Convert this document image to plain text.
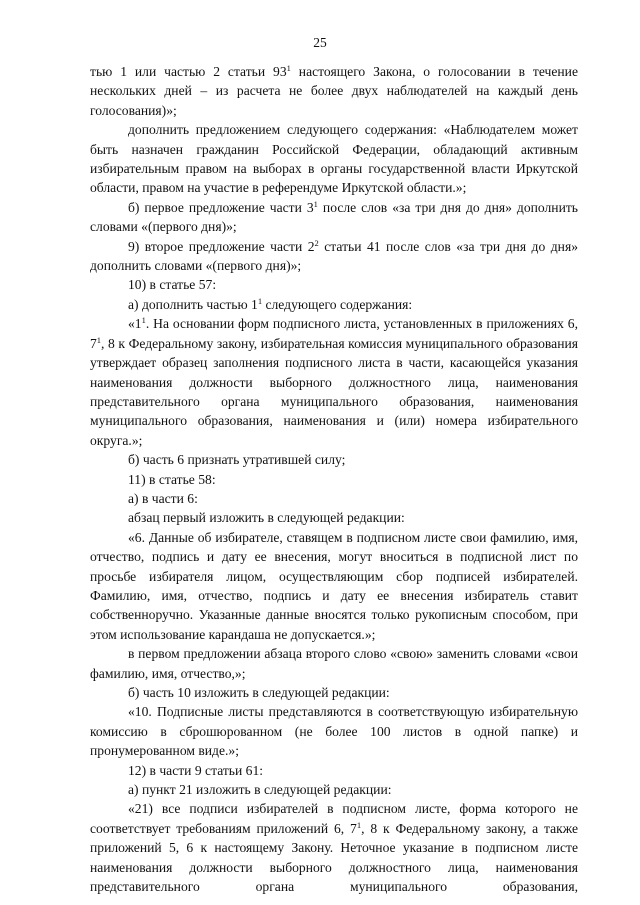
25

тью 1 или частью 2 статьи $93^1$ настоящего Закона, о голосовании в течение нескольких дней – из расчета не более двух наблюдателей на каждый день голосования)»;

дополнить предложением следующего содержания: «Наблюдателем может быть назначен гражданин Российской Федерации, обладающий активным избирательным правом на выборах в органы государственной власти Иркутской области, правом на участие в референдуме Иркутской области.»;

б) первое предложение части $3^1$ после слов «за три дня до дня» дополнить словами «(первого дня)»;

9) второе предложение части $2^2$ статьи 41 после слов «за три дня до дня» дополнить словами «(первого дня)»;

10) в статье 57:

а) дополнить частью $1^1$ следующего содержания:

«$1^1$. На основании форм подписного листа, установленных в приложениях 6, $7^1$, 8 к Федеральному закону, избирательная комиссия муниципального образования утверждает образец заполнения подписного листа в части, касающейся указания наименования должности выборного должностного лица, наименования представительного органа муниципального образования, наименования муниципального образования, наименования и (или) номера избирательного округа.»;

б) часть 6 признать утратившей силу;

11) в статье 58:

а) в части 6:

абзац первый изложить в следующей редакции:

«6. Данные об избирателе, ставящем в подписном листе свои фамилию, имя, отчество, подпись и дату ее внесения, могут вноситься в подписной лист по просьбе избирателя лицом, осуществляющим сбор подписей избирателей. Фамилию, имя, отчество, подпись и дату ее внесения избиратель ставит собственноручно. Указанные данные вносятся только рукописным способом, при этом использование карандаша не допускается.»;

в первом предложении абзаца второго слово «свою» заменить словами «свои фамилию, имя, отчество,»;

б) часть 10 изложить в следующей редакции:

«10. Подписные листы представляются в соответствующую избирательную комиссию в сброшюрованном (не более 100 листов в одной папке) и пронумерованном виде.»;

12) в части 9 статьи 61:

а) пункт 21 изложить в следующей редакции:

«21) все подписи избирателей в подписном листе, форма которого не соответствует требованиям приложений 6, $7^1$, 8 к Федеральному закону, а также приложений 5, 6 к настоящему Закону. Неточное указание в подписном листе наименования должности выборного должностного лица, наименования представительного органа муниципального образования,
